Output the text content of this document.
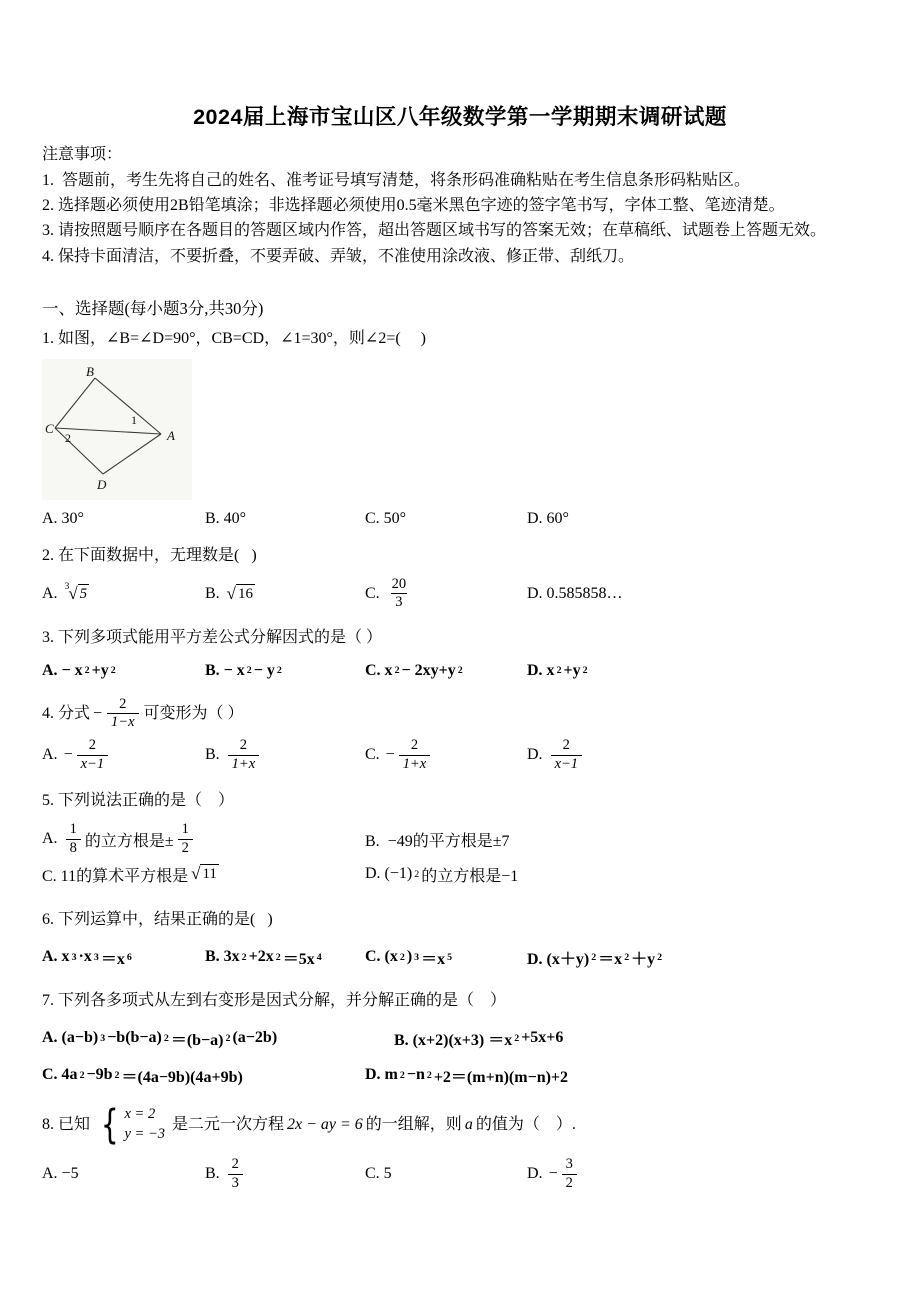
2024届上海市宝山区八年级数学第一学期期末调研试题
注意事项：
1.  答题前，考生先将自己的姓名、准考证号填写清楚，将条形码准确粘贴在考生信息条形码粘贴区。
2. 选择题必须使用2B铅笔填涂；非选择题必须使用0.5毫米黑色字迹的签字笔书写，字体工整、笔迹清楚。
3. 请按照题号顺序在各题目的答题区域内作答，超出答题区域书写的答案无效；在草稿纸、试题卷上答题无效。
4. 保持卡面清洁，不要折叠，不要弄破、弄皱，不准使用涂改液、修正带、刮纸刀。
一、选择题(每小题3分,共30分)
1. 如图，∠B=∠D=90°，CB=CD，∠1=30°，则∠2=(     )
B
C	A
D
1
2
A. 30°	B. 40°	C. 50°	D. 60°
2. 在下面数据中，无理数是(   )
A. 3 √ 5	B. √ 16	C. $\frac{20}{3}$	D. 0.585858…
3. 下列多项式能用平方差公式分解因式的是（ ）
A. − x 2 +y 2	B. − x 2 − y 2	C. x 2 − 2xy+y 2	D. x 2 +y 2
4. 分式 − $\frac{2}{1-x}$ 可变形为（ ）
A. − $\frac{2}{x-1}$	B. $\frac{2}{1+x}$	C. − $\frac{2}{1+x}$	D. $\frac{2}{x-1}$
5. 下列说法正确的是（    ）
A. $\frac{1}{8}$ 的立方根是± $\frac{1}{2}$	B.  −49的平方根是±7
C. 11的算术平方根是 √ 11	D. (−1) 2 的立方根是−1
6. 下列运算中，结果正确的是(   )
A. x 3 ·x 3 ＝x 6	B. 3x 2 +2x 2 ＝5x 4	C. (x 2 ) 3 ＝x 5	D. (x＋y) 2 ＝x 2 ＋y 2
7. 下列各多项式从左到右变形是因式分解，并分解正确的是（    ）
A. (a−b) 3 −b(b−a) 2 ＝(b−a) 2 (a−2b)	B. (x+2)(x+3) ＝x 2 +5x+6
C. 4a 2 −9b 2 ＝(4a−9b)(4a+9b)	D. m 2 −n 2 +2＝(m+n)(m−n)+2
8. 已知 { x = 2
y = −3
是二元一次方程 2x − ay = 6 的一组解，则 a 的值为（    ）.
A. −5	B. $\frac{2}{3}$	C. 5	D. − $\frac{3}{2}$
